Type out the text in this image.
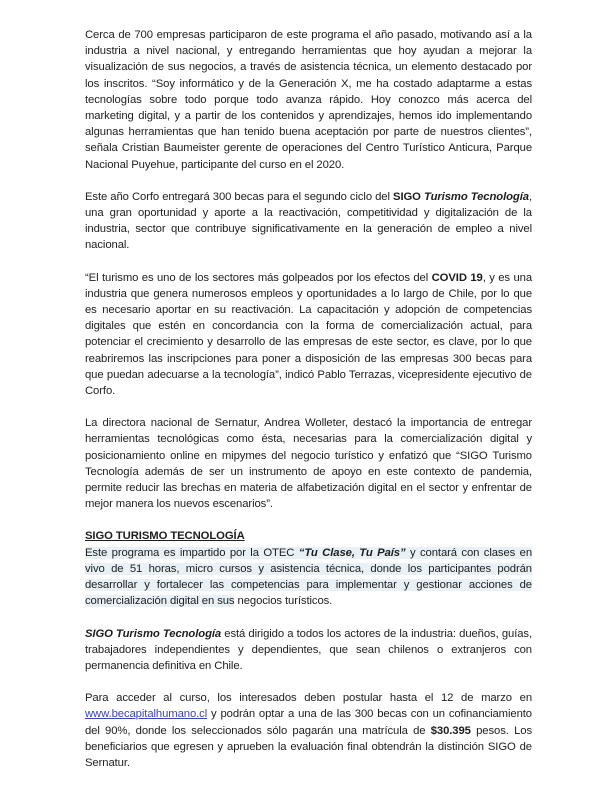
Cerca de 700 empresas participaron de este programa el año pasado, motivando así a la industria a nivel nacional, y entregando herramientas que hoy ayudan a mejorar la visualización de sus negocios, a través de asistencia técnica, un elemento destacado por los inscritos. “Soy informático y de la Generación X, me ha costado adaptarme a estas tecnologías sobre todo porque todo avanza rápido. Hoy conozco más acerca del marketing digital, y a partir de los contenidos y aprendizajes, hemos ido implementando algunas herramientas que han tenido buena aceptación por parte de nuestros clientes”, señala Cristian Baumeister gerente de operaciones del Centro Turístico Anticura, Parque Nacional Puyehue, participante del curso en el 2020.

Este año Corfo entregará 300 becas para el segundo ciclo del SIGO Turismo Tecnología, una gran oportunidad y aporte a la reactivación, competitividad y digitalización de la industria, sector que contribuye significativamente en la generación de empleo a nivel nacional.

“El turismo es uno de los sectores más golpeados por los efectos del COVID 19, y es una industria que genera numerosos empleos y oportunidades a lo largo de Chile, por lo que es necesario aportar en su reactivación. La capacitación y adopción de competencias digitales que estén en concordancia con la forma de comercialización actual, para potenciar el crecimiento y desarrollo de las empresas de este sector, es clave, por lo que reabriremos las inscripciones para poner a disposición de las empresas 300 becas para que puedan adecuarse a la tecnología”, indicó Pablo Terrazas, vicepresidente ejecutivo de Corfo.

La directora nacional de Sernatur, Andrea Wolleter, destacó la importancia de entregar herramientas tecnológicas como ésta, necesarias para la comercialización digital y posicionamiento online en mipymes del negocio turístico y enfatizó que “SIGO Turismo Tecnología además de ser un instrumento de apoyo en este contexto de pandemia, permite reducir las brechas en materia de alfabetización digital en el sector y enfrentar de mejor manera los nuevos escenarios”.

SIGO TURISMO TECNOLOGÍA

Este programa es impartido por la OTEC “Tu Clase, Tu País” y contará con clases en vivo de 51 horas, micro cursos y asistencia técnica, donde los participantes podrán desarrollar y fortalecer las competencias para implementar y gestionar acciones de comercialización digital en sus negocios turísticos.

SIGO Turismo Tecnología está dirigido a todos los actores de la industria: dueños, guías, trabajadores independientes y dependientes, que sean chilenos o extranjeros con permanencia definitiva en Chile.

Para acceder al curso, los interesados deben postular hasta el 12 de marzo en www.becapitalhumano.cl y podrán optar a una de las 300 becas con un cofinanciamiento del 90%, donde los seleccionados sólo pagarán una matrícula de $30.395 pesos. Los beneficiarios que egresen y aprueben la evaluación final obtendrán la distinción SIGO de Sernatur.
